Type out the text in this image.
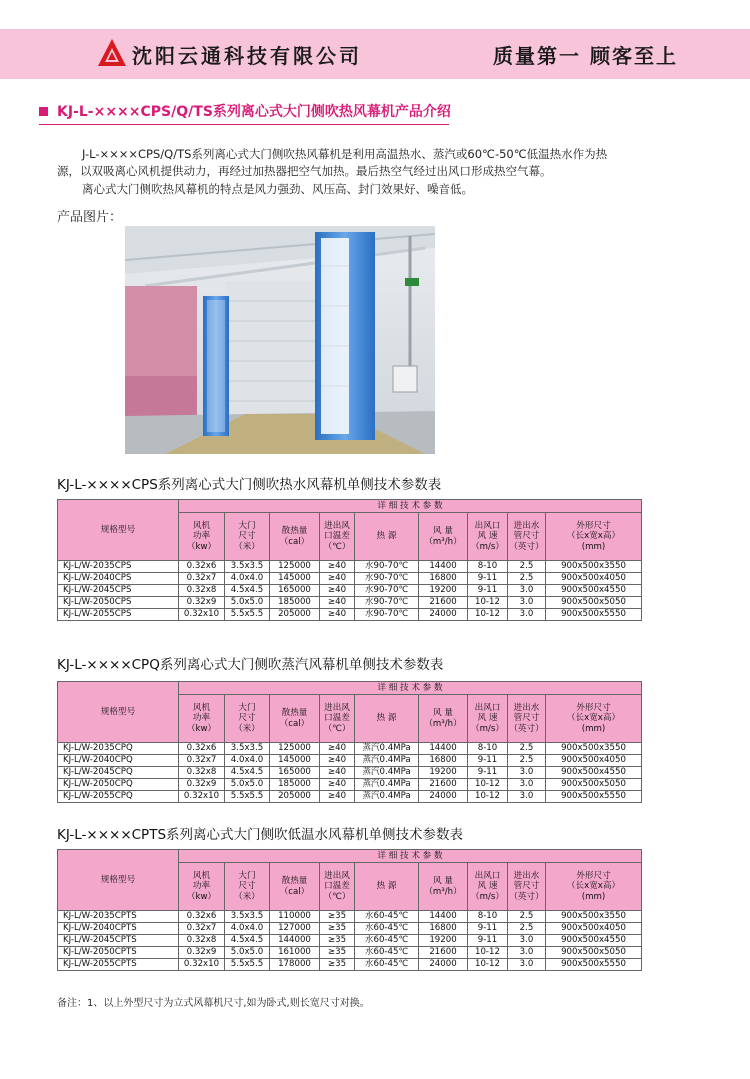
沈阳云通科技有限公司	质量第一 顾客至上
KJ-L-××××CPS/Q/TS系列离心式大门侧吹热风幕机产品介绍
J-L-××××CPS/Q/TS系列离心式大门侧吹热风幕机是利用高温热水、蒸汽或60℃-50℃低温热水作为热
源，以双吸离心风机提供动力，再经过加热器把空气加热。最后热空气经过出风口形成热空气幕。
离心式大门侧吹热风幕机的特点是风力强劲、风压高、封门效果好、噪音低。
产品图片：
KJ-L-××××CPS系列离心式大门侧吹热水风幕机单侧技术参数表
规格型号	详 细 技 术 参 数								
	风机
功率
（kw）	大门
尺寸
（米）	散热量
（cal）	进出风
口温差
（℃）	热 源	风 量
（m³/h）	出风口
风 速
（m/s）	进出水
管尺寸
（英寸）	外形尺寸
（长x宽x高）
(mm)
KJ-L/W-2035CPS	0.32x6	3.5x3.5	125000	≥40	水90-70℃	14400	8-10	2.5	900x500x3550
KJ-L/W-2040CPS	0.32x7	4.0x4.0	145000	≥40	水90-70℃	16800	9-11	2.5	900x500x4050
KJ-L/W-2045CPS	0.32x8	4.5x4.5	165000	≥40	水90-70℃	19200	9-11	3.0	900x500x4550
KJ-L/W-2050CPS	0.32x9	5.0x5.0	185000	≥40	水90-70℃	21600	10-12	3.0	900x500x5050
KJ-L/W-2055CPS	0.32x10	5.5x5.5	205000	≥40	水90-70℃	24000	10-12	3.0	900x500x5550
KJ-L-××××CPQ系列离心式大门侧吹蒸汽风幕机单侧技术参数表
规格型号	详 细 技 术 参 数								
	风机
功率
（kw）	大门
尺寸
（米）	散热量
（cal）	进出风
口温差
（℃）	热 源	风 量
（m³/h）	出风口
风 速
（m/s）	进出水
管尺寸
（英寸）	外形尺寸
（长x宽x高）
(mm)
KJ-L/W-2035CPQ	0.32x6	3.5x3.5	125000	≥40	蒸汽0.4MPa	14400	8-10	2.5	900x500x3550
KJ-L/W-2040CPQ	0.32x7	4.0x4.0	145000	≥40	蒸汽0.4MPa	16800	9-11	2.5	900x500x4050
KJ-L/W-2045CPQ	0.32x8	4.5x4.5	165000	≥40	蒸汽0.4MPa	19200	9-11	3.0	900x500x4550
KJ-L/W-2050CPQ	0.32x9	5.0x5.0	185000	≥40	蒸汽0.4MPa	21600	10-12	3.0	900x500x5050
KJ-L/W-2055CPQ	0.32x10	5.5x5.5	205000	≥40	蒸汽0.4MPa	24000	10-12	3.0	900x500x5550
KJ-L-××××CPTS系列离心式大门侧吹低温水风幕机单侧技术参数表
规格型号	详 细 技 术 参 数								
	风机
功率
（kw）	大门
尺寸
（米）	散热量
（cal）	进出风
口温差
（℃）	热 源	风 量
（m³/h）	出风口
风 速
（m/s）	进出水
管尺寸
（英寸）	外形尺寸
（长x宽x高）
(mm)
KJ-L/W-2035CPTS	0.32x6	3.5x3.5	110000	≥35	水60-45℃	14400	8-10	2.5	900x500x3550
KJ-L/W-2040CPTS	0.32x7	4.0x4.0	127000	≥35	水60-45℃	16800	9-11	2.5	900x500x4050
KJ-L/W-2045CPTS	0.32x8	4.5x4.5	144000	≥35	水60-45℃	19200	9-11	3.0	900x500x4550
KJ-L/W-2050CPTS	0.32x9	5.0x5.0	161000	≥35	水60-45℃	21600	10-12	3.0	900x500x5050
KJ-L/W-2055CPTS	0.32x10	5.5x5.5	178000	≥35	水60-45℃	24000	10-12	3.0	900x500x5550
备注：1、以上外型尺寸为立式风幕机尺寸,如为卧式,则长宽尺寸对换。
